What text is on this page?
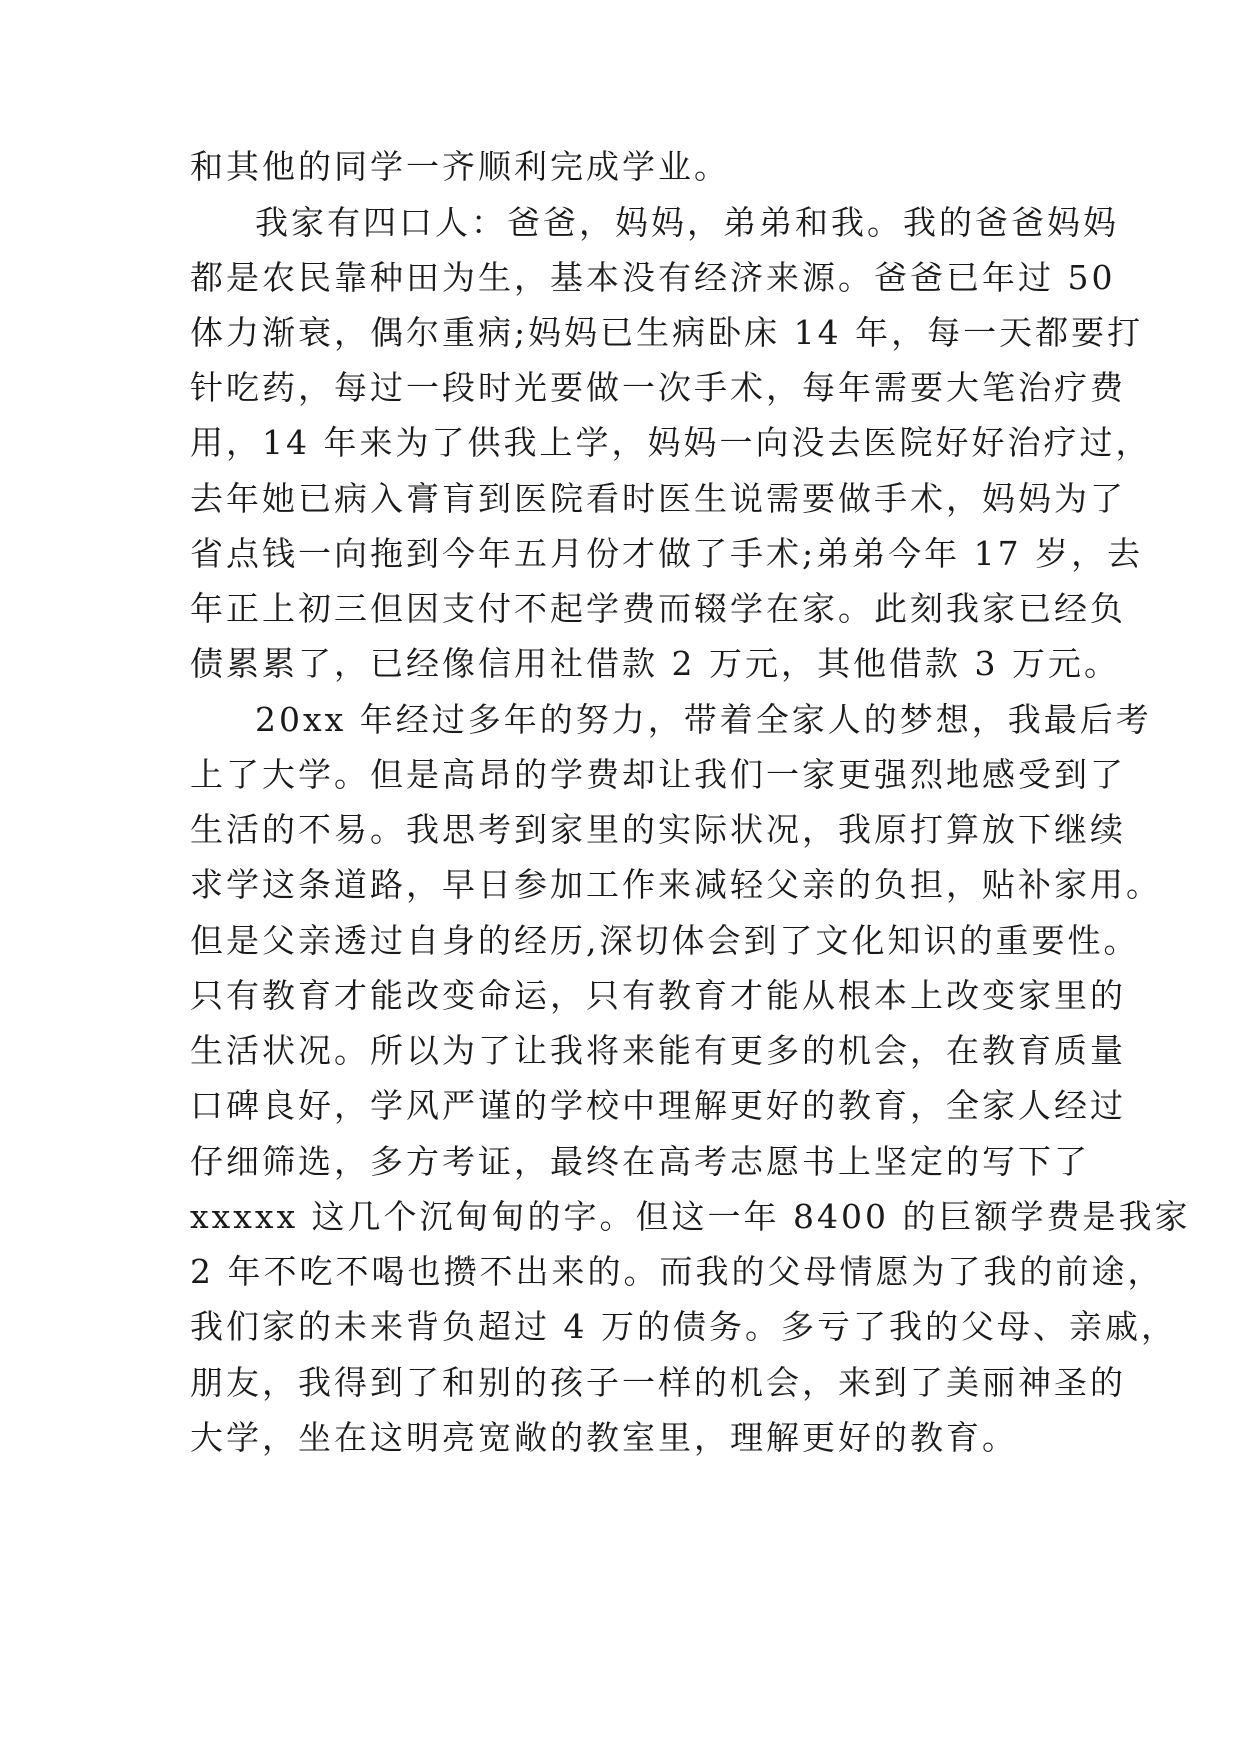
和其他的同学一齐顺利完成学业。
我家有四口人：爸爸，妈妈，弟弟和我。我的爸爸妈妈
都是农民靠种田为生，基本没有经济来源。爸爸已年过 50
体力渐衰，偶尔重病;妈妈已生病卧床 14 年，每一天都要打
针吃药，每过一段时光要做一次手术，每年需要大笔治疗费
用，14 年来为了供我上学，妈妈一向没去医院好好治疗过，
去年她已病入膏肓到医院看时医生说需要做手术，妈妈为了
省点钱一向拖到今年五月份才做了手术;弟弟今年 17 岁，去
年正上初三但因支付不起学费而辍学在家。此刻我家已经负
债累累了，已经像信用社借款 2 万元，其他借款 3 万元。
20xx 年经过多年的努力，带着全家人的梦想，我最后考
上了大学。但是高昂的学费却让我们一家更强烈地感受到了
生活的不易。我思考到家里的实际状况，我原打算放下继续
求学这条道路，早日参加工作来减轻父亲的负担，贴补家用。
但是父亲透过自身的经历,深切体会到了文化知识的重要性。
只有教育才能改变命运，只有教育才能从根本上改变家里的
生活状况。所以为了让我将来能有更多的机会，在教育质量
口碑良好，学风严谨的学校中理解更好的教育，全家人经过
仔细筛选，多方考证，最终在高考志愿书上坚定的写下了
xxxxx 这几个沉甸甸的字。但这一年 8400 的巨额学费是我家
2 年不吃不喝也攒不出来的。而我的父母情愿为了我的前途，
我们家的未来背负超过 4 万的债务。多亏了我的父母、亲戚，
朋友，我得到了和别的孩子一样的机会，来到了美丽神圣的
大学，坐在这明亮宽敞的教室里，理解更好的教育。
